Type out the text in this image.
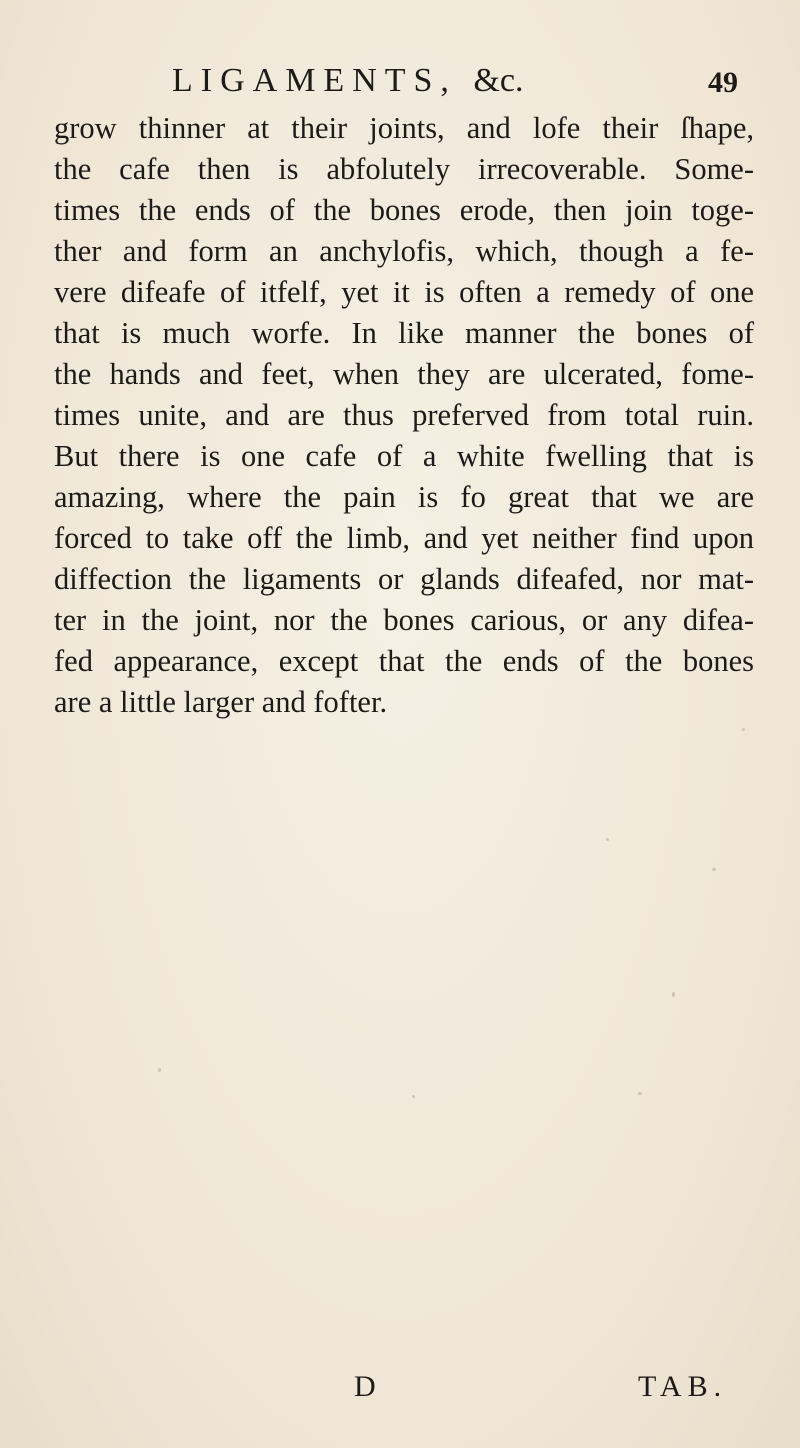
LIGAMENTS, &c.	49

grow thinner at their joints, and lofe their ſhape,
the cafe then is abfolutely irrecoverable. Some-
times the ends of the bones erode, then join toge-
ther and form an anchylofis, which, though a fe-
vere difeafe of itfelf, yet it is often a remedy of one
that is much worfe. In like manner the bones of
the hands and feet, when they are ulcerated, fome-
times unite, and are thus preferved from total ruin.
But there is one cafe of a white fwelling that is
amazing, where the pain is fo great that we are
forced to take off the limb, and yet neither find upon
diffection the ligaments or glands difeafed, nor mat-
ter in the joint, nor the bones carious, or any difea-
fed appearance, except that the ends of the bones
are a little larger and fofter.

D	TAB.
